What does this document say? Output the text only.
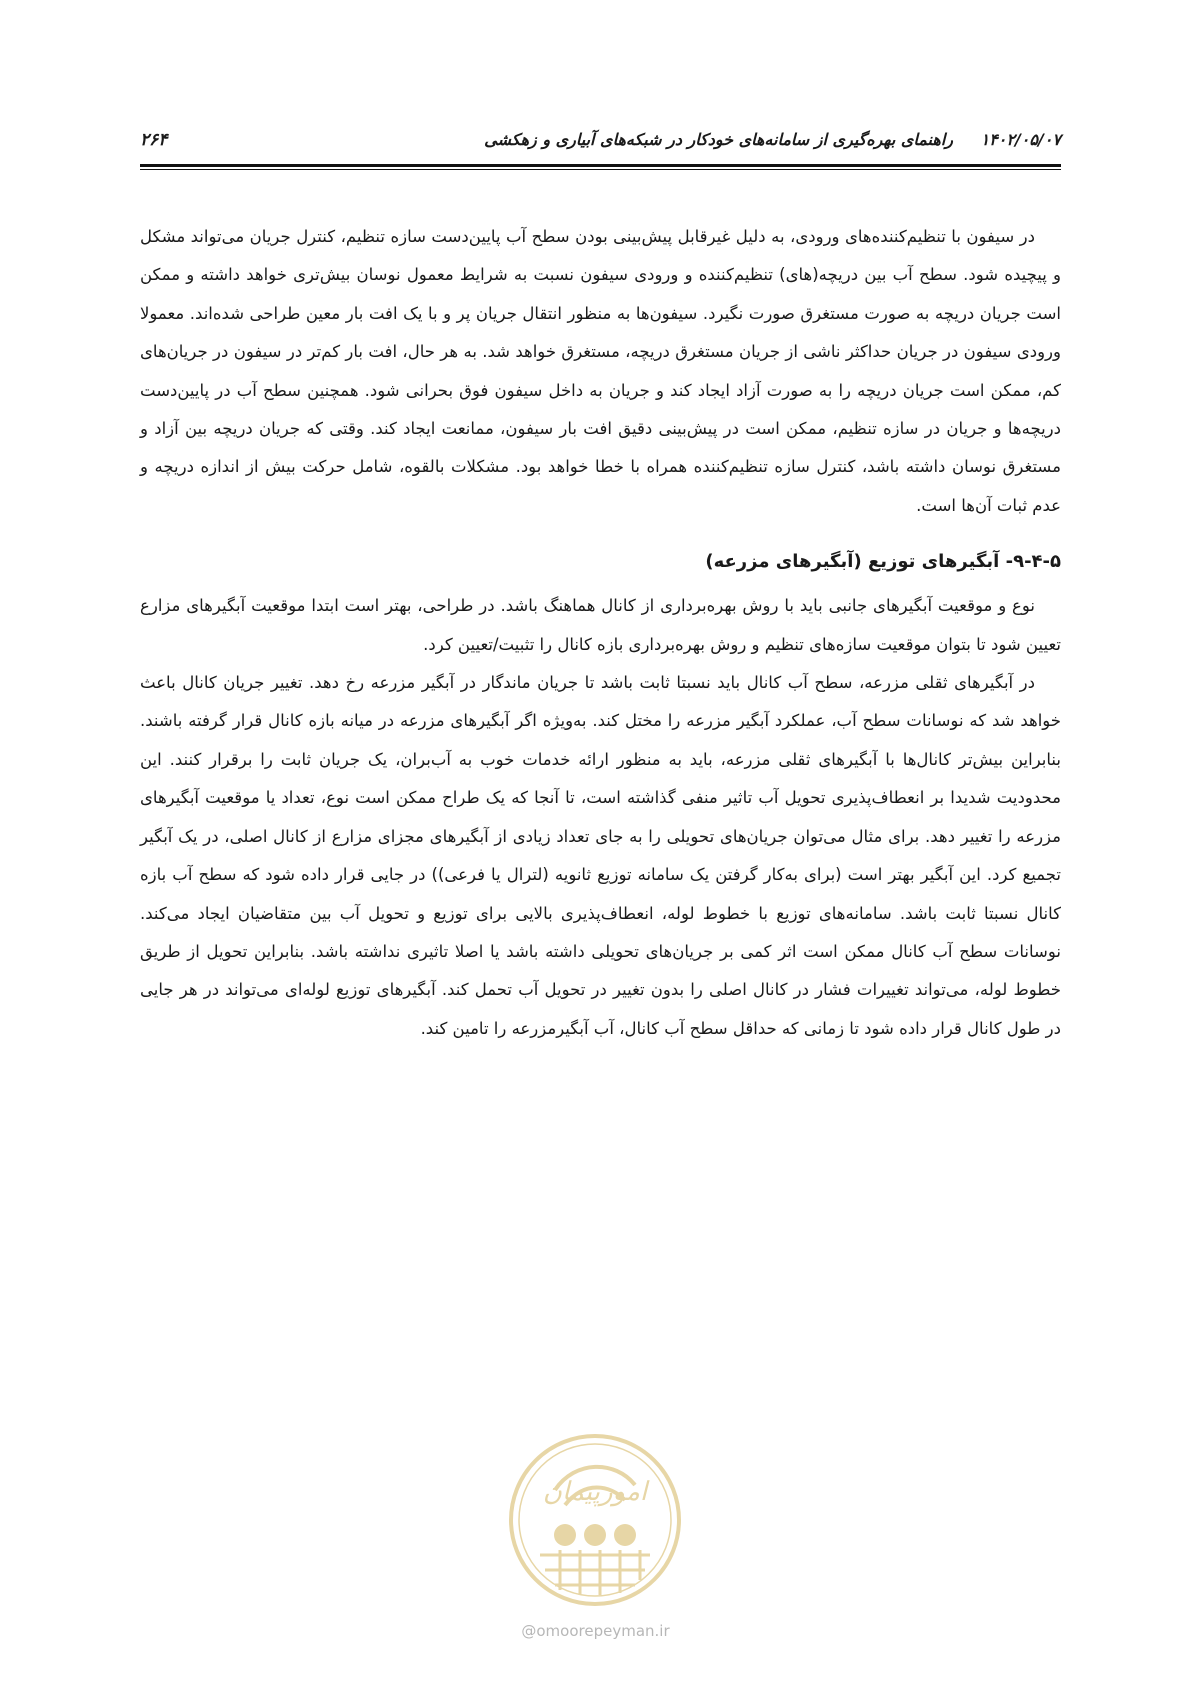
۲۶۴	۱۴۰۲/۰۵/۰۷ راهنمای بهره‌گیری از سامانه‌های خودکار در شبکه‌های آبیاری و زهکشی

در سیفون با تنظیم‌کننده‌های ورودی، به دلیل غیرقابل پیش‌بینی بودن سطح آب پایین‌دست سازه تنظیم، کنترل جریان می‌تواند مشکل و پیچیده شود. سطح آب بین دریچه(های) تنظیم‌کننده و ورودی سیفون نسبت به شرایط معمول نوسان بیش‌تری خواهد داشته و ممکن است جریان دریچه به صورت مستغرق صورت نگیرد. سیفون‌ها به منظور انتقال جریان پر و با یک افت بار معین طراحی شده‌اند. معمولا ورودی سیفون در جریان حداکثر ناشی از جریان مستغرق دریچه، مستغرق خواهد شد. به هر حال، افت بار کم‌تر در سیفون در جریان‌های کم، ممکن است جریان دریچه را به صورت آزاد ایجاد کند و جریان به داخل سیفون فوق بحرانی شود. همچنین سطح آب در پایین‌دست دریچه‌ها و جریان در سازه تنظیم، ممکن است در پیش‌بینی دقیق افت بار سیفون، ممانعت ایجاد کند. وقتی که جریان دریچه بین آزاد و مستغرق نوسان داشته باشد، کنترل سازه تنظیم‌کننده همراه با خطا خواهد بود. مشکلات بالقوه، شامل حرکت بیش از اندازه دریچه و عدم ثبات آن‌ها است.

۹-۴-۵- آبگیرهای توزیع (آبگیرهای مزرعه)

نوع و موقعیت آبگیرهای جانبی باید با روش بهره‌برداری از کانال هماهنگ باشد. در طراحی، بهتر است ابتدا موقعیت آبگیرهای مزارع تعیین شود تا بتوان موقعیت سازه‌های تنظیم و روش بهره‌برداری بازه کانال را تثبیت/تعیین کرد.

در آبگیرهای ثقلی مزرعه، سطح آب کانال باید نسبتا ثابت باشد تا جریان ماندگار در آبگیر مزرعه رخ دهد. تغییر جریان کانال باعث خواهد شد که نوسانات سطح آب، عملکرد آبگیر مزرعه را مختل کند. به‌ویژه اگر آبگیرهای مزرعه در میانه بازه کانال قرار گرفته باشند. بنابراین بیش‌تر کانال‌ها با آبگیرهای ثقلی مزرعه، باید به منظور ارائه خدمات خوب به آب‌بران، یک جریان ثابت را برقرار کنند. این محدودیت شدیدا بر انعطاف‌پذیری تحویل آب تاثیر منفی گذاشته است، تا آنجا که یک طراح ممکن است نوع، تعداد یا موقعیت آبگیرهای مزرعه را تغییر دهد. برای مثال می‌توان جریان‌های تحویلی را به جای تعداد زیادی از آبگیرهای مجزای مزارع از کانال اصلی، در یک آبگیر تجمیع کرد. این آبگیر بهتر است (برای به‌کار گرفتن یک سامانه توزیع ثانویه (لترال یا فرعی)) در جایی قرار داده شود که سطح آب بازه کانال نسبتا ثابت باشد. سامانه‌های توزیع با خطوط لوله، انعطاف‌پذیری بالایی برای توزیع و تحویل آب بین متقاضیان ایجاد می‌کند. نوسانات سطح آب کانال ممکن است اثر کمی بر جریان‌های تحویلی داشته باشد یا اصلا تاثیری نداشته باشد. بنابراین تحویل از طریق خطوط لوله، می‌تواند تغییرات فشار در کانال اصلی را بدون تغییر در تحویل آب تحمل کند. آبگیرهای توزیع لوله‌ای می‌تواند در هر جایی در طول کانال قرار داده شود تا زمانی که حداقل سطح آب کانال، آب آبگیرمزرعه را تامین کند.

امورپیمان
@omoorepeyman.ir
